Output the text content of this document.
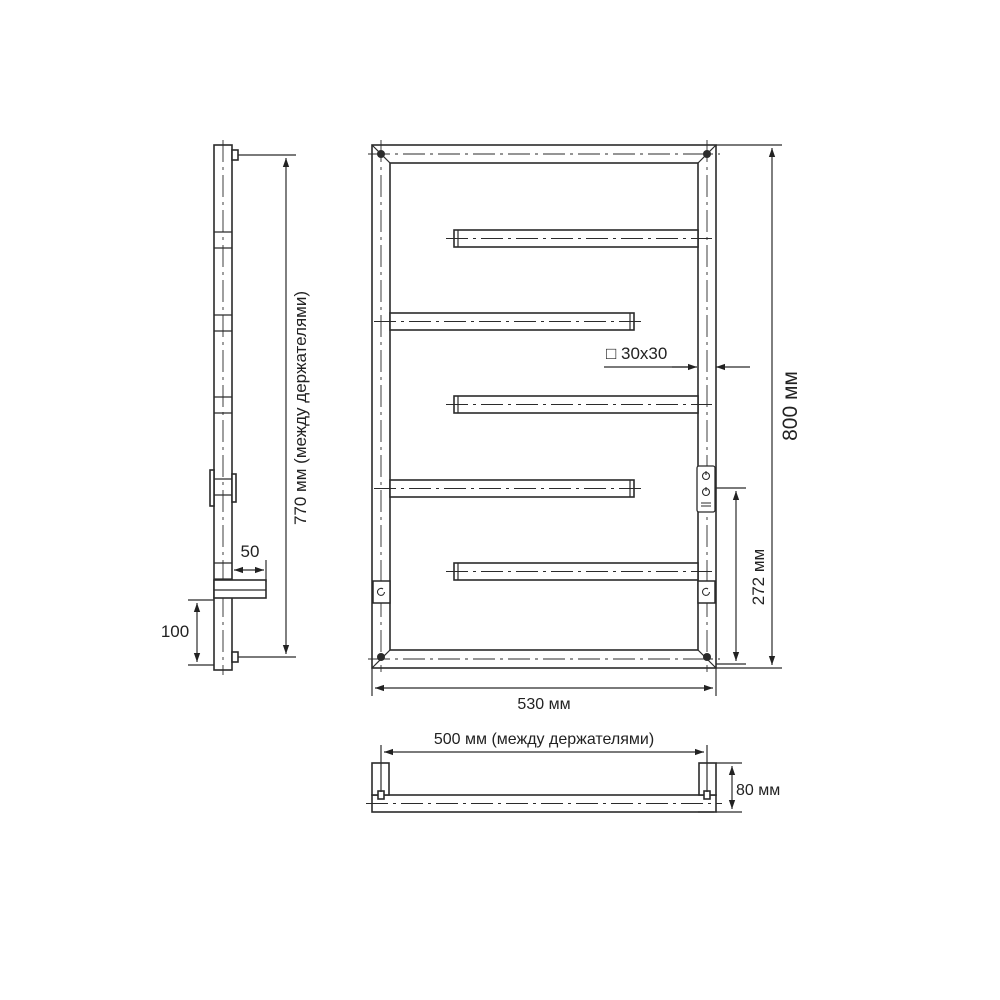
770 мм (между держателями)
50
100
□ 30x30
800 мм
272 мм
530 мм
500 мм (между держателями)
80 мм
